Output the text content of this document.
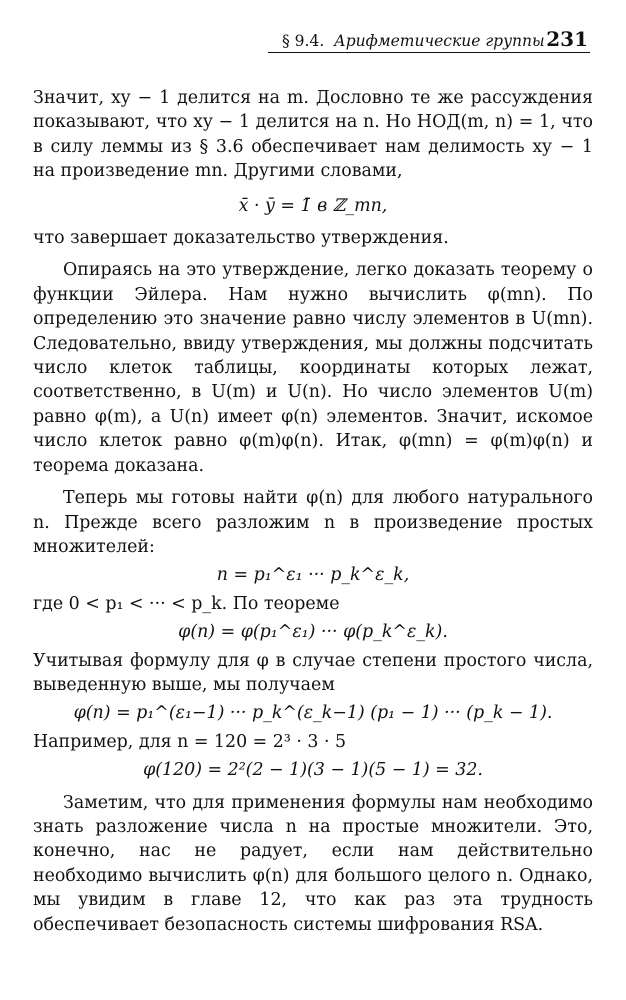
§ 9.4. Арифметические группы 231

Значит, xy − 1 делится на m. Дословно те же рассуждения показывают, что xy − 1 делится на n. Но НОД(m, n) = 1, что в силу леммы из § 3.6 обеспечивает нам делимость xy − 1 на произведение mn. Другими словами,

x̄ · ȳ = 1̄ в ℤ_mn,

что завершает доказательство утверждения.

Опираясь на это утверждение, легко доказать теорему о функции Эйлера. Нам нужно вычислить φ(mn). По определению это значение равно числу элементов в U(mn). Следовательно, ввиду утверждения, мы должны подсчитать число клеток таблицы, координаты которых лежат, соответственно, в U(m) и U(n). Но число элементов U(m) равно φ(m), а U(n) имеет φ(n) элементов. Значит, искомое число клеток равно φ(m)φ(n). Итак, φ(mn) = φ(m)φ(n) и теорема доказана.

Теперь мы готовы найти φ(n) для любого натурального n. Прежде всего разложим n в произведение простых множителей:

n = p₁^ε₁ ··· p_k^ε_k,

где 0 < p₁ < ··· < p_k. По теореме

φ(n) = φ(p₁^ε₁) ··· φ(p_k^ε_k).

Учитывая формулу для φ в случае степени простого числа, выведенную выше, мы получаем

φ(n) = p₁^(ε₁−1) ··· p_k^(ε_k−1) (p₁ − 1) ··· (p_k − 1).

Например, для n = 120 = 2³ · 3 · 5

φ(120) = 2²(2 − 1)(3 − 1)(5 − 1) = 32.

Заметим, что для применения формулы нам необходимо знать разложение числа n на простые множители. Это, конечно, нас не радует, если нам действительно необходимо вычислить φ(n) для большого целого n. Однако, мы увидим в главе 12, что как раз эта трудность обеспечивает безопасность системы шифрования RSA.
